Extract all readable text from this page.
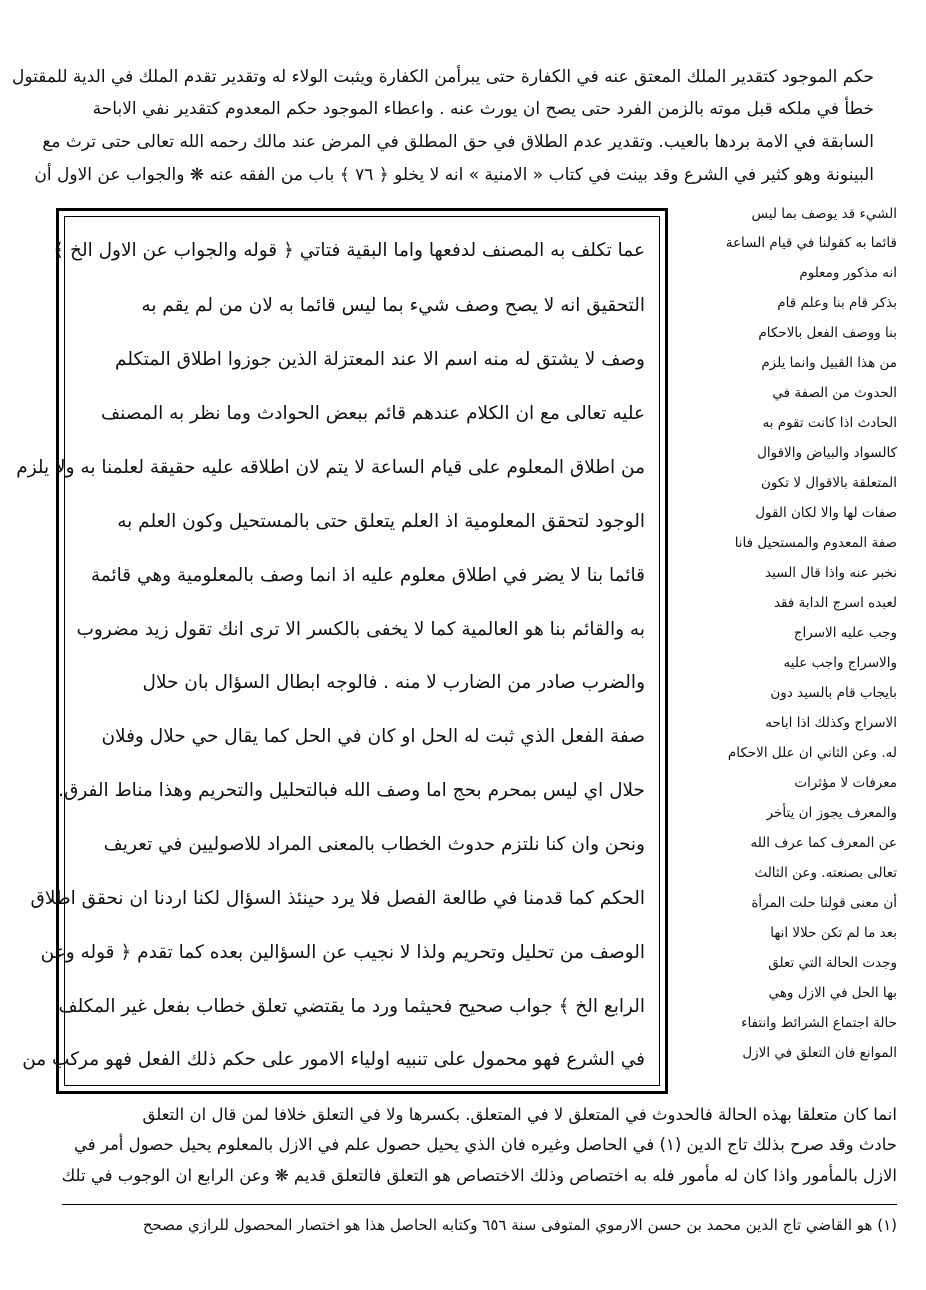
حكم الموجود كتقدير الملك المعتق عنه في الكفارة حتى يبرأمن الكفارة ويثبت الولاء له وتقدير تقدم الملك في الدية للمقتول
خطأ في ملكه قبل موته بالزمن الفرد حتى يصح ان يورث عنه . واعطاء الموجود حكم المعدوم كتقدير نفي الاباحة
السابقة في الامة بردها بالعيب. وتقدير عدم الطلاق في حق المطلق في المرض عند مالك رحمه الله تعالى حتى ترث مع
البينونة وهو كثير في الشرع وقد بينت في كتاب « الامنية » انه لا يخلو ﴿ ٧٦ ﴾ باب من الفقه عنه ❋ والجواب عن الاول أن
عما تكلف به المصنف لدفعها واما البقية فتاتي ﴿ قوله والجواب عن الاول الخ ﴾
التحقيق انه لا يصح وصف شيء بما ليس قائما به لان من لم يقم به
وصف لا يشتق له منه اسم الا عند المعتزلة الذين جوزوا اطلاق المتكلم
عليه تعالى مع ان الكلام عندهم قائم ببعض الحوادث وما نظر به المصنف
من اطلاق المعلوم على قيام الساعة لا يتم لان اطلاقه عليه حقيقة لعلمنا به ولا يلزم
الوجود لتحقق المعلومية اذ العلم يتعلق حتى بالمستحيل وكون العلم به
قائما بنا لا يضر في اطلاق معلوم عليه اذ انما وصف بالمعلومية وهي قائمة
به والقائم بنا هو العالمية كما لا يخفى بالكسر الا ترى انك تقول زيد مضروب
والضرب صادر من الضارب لا منه . فالوجه ابطال السؤال بان حلال
صفة الفعل الذي ثبت له الحل او كان في الحل كما يقال حي حلال وفلان
حلال اي ليس بمحرم بحج اما وصف الله فبالتحليل والتحريم وهذا مناط الفرق.
ونحن وان كنا نلتزم حدوث الخطاب بالمعنى المراد للاصوليين في تعريف
الحكم كما قدمنا في طالعة الفصل فلا يرد حينئذ السؤال لكنا اردنا ان نحقق اطلاق
الوصف من تحليل وتحريم ولذا لا نجيب عن السؤالين بعده كما تقدم ﴿ قوله وعن
الرابع الخ ﴾ جواب صحيح فحيثما ورد ما يقتضي تعلق خطاب بفعل غير المكلف
في الشرع فهو محمول على تنبيه اولياء الامور على حكم ذلك الفعل فهو مركب من
الشيء قد يوصف بما ليس
قائما به كقولنا في قيام الساعة
انه مذكور ومعلوم
بذكر قام بنا وعلم قام
بنا ووصف الفعل بالاحكام
من هذا القبيل وانما يلزم
الحدوث من الصفة في
الحادث اذا كانت تقوم به
كالسواد والبياض والاقوال
المتعلقة بالاقوال لا تكون
صفات لها والا لكان القول
صفة المعدوم والمستحيل فانا
نخبر عنه واذا قال السيد
لعبده اسرج الدابة فقد
وجب عليه الاسراج
والاسراج واجب عليه
بايجاب قام بالسيد دون
الاسراج وكذلك اذا اباحه
له. وعن الثاني ان علل الاحكام
معرفات لا مؤثرات
والمعرف يجوز ان يتأخر
عن المعرف كما عرف الله
تعالى بصنعته. وعن الثالث
أن معنى قولنا حلت المرأة
بعد ما لم تكن حلالا انها
وجدت الحالة التي تعلق
بها الحل في الازل وهي
حالة اجتماع الشرائط وانتفاء
الموانع فان التعلق في الازل
انما كان متعلقا بهذه الحالة فالحدوث في المتعلق لا في المتعلق. بكسرها ولا في التعلق خلافا لمن قال ان التعلق
حادث وقد صرح بذلك تاج الدين (١) في الحاصل وغيره فان الذي يحيل حصول علم في الازل بالمعلوم يحيل حصول أمر في
الازل بالمأمور واذا كان له مأمور فله به اختصاص وذلك الاختصاص هو التعلق فالتعلق قديم ❋ وعن الرابع ان الوجوب في تلك
(١) هو القاضي تاج الدين محمد بن حسن الارموي المتوفى سنة ٦٥٦ وكتابه الحاصل هذا هو اختصار المحصول للرازي مصحح
